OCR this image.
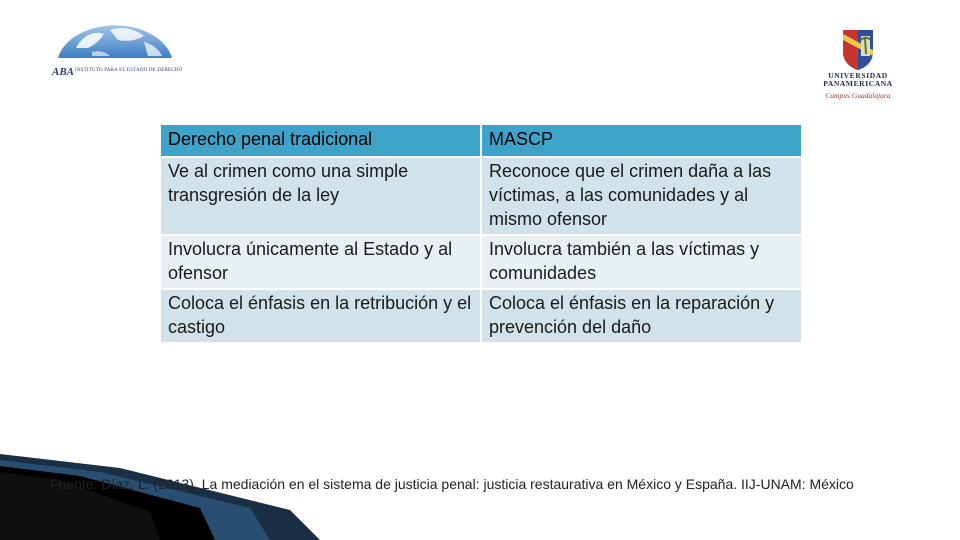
ABA INSTITUTO PARA EL ESTADO DE DERECHO
UNIVERSIDAD
PANAMERICANA
Campus Guadalajara
Derecho penal tradicional	MASCP
Ve al crimen como una simple transgresión de la ley	Reconoce que el crimen daña a las víctimas, a las comunidades y al mismo ofensor
Involucra únicamente al Estado y al ofensor	Involucra también a las víctimas y comunidades
Coloca el énfasis en la retribución y el castigo	Coloca el énfasis en la reparación y prevención del daño
Fuente: Díaz, L. (2013). La mediación en el sistema de justicia penal: justicia restaurativa en México y España. IIJ-UNAM: México
